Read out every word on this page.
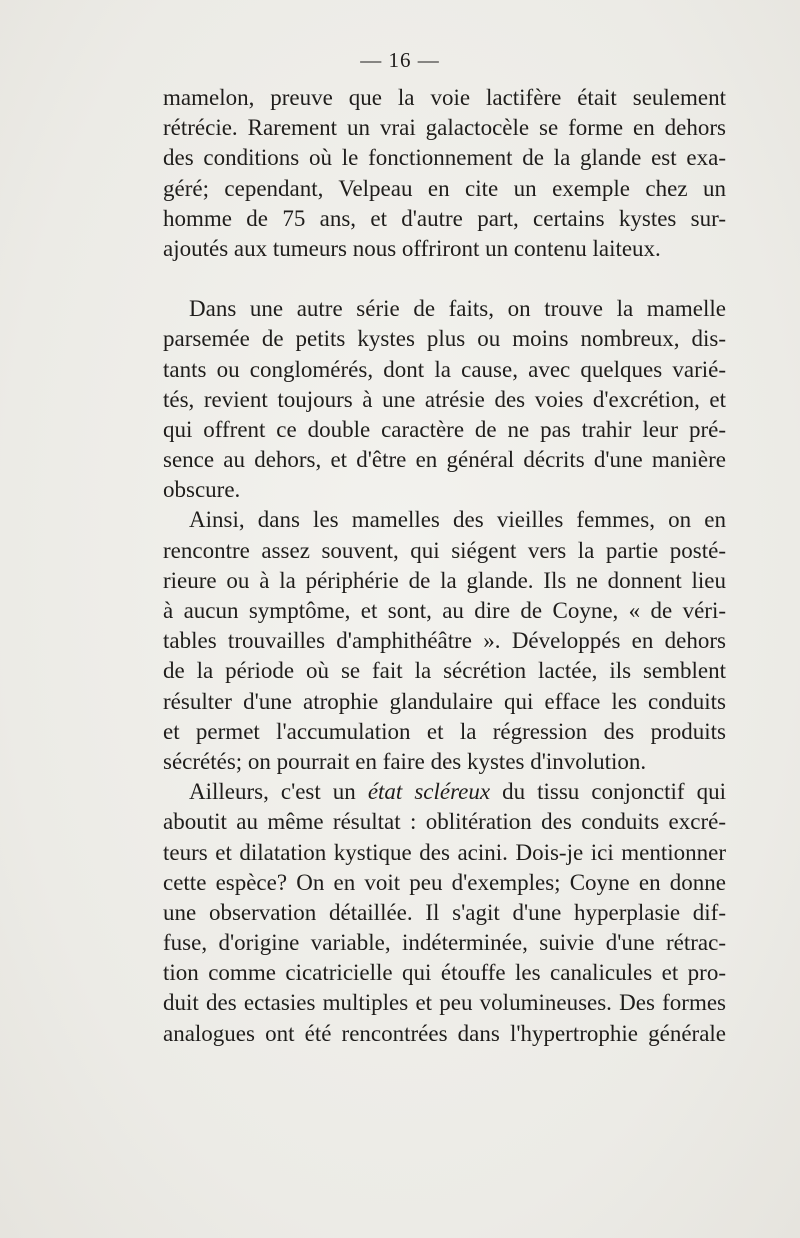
— 16 —
mamelon, preuve que la voie lactifère était seulement
rétrécie. Rarement un vrai galactocèle se forme en dehors
des conditions où le fonctionnement de la glande est exa-
géré; cependant, Velpeau en cite un exemple chez un
homme de 75 ans, et d'autre part, certains kystes sur-
ajoutés aux tumeurs nous offriront un contenu laiteux.
Dans une autre série de faits, on trouve la mamelle
parsemée de petits kystes plus ou moins nombreux, dis-
tants ou conglomérés, dont la cause, avec quelques varié-
tés, revient toujours à une atrésie des voies d'excrétion, et
qui offrent ce double caractère de ne pas trahir leur pré-
sence au dehors, et d'être en général décrits d'une manière
obscure.
Ainsi, dans les mamelles des vieilles femmes, on en
rencontre assez souvent, qui siégent vers la partie posté-
rieure ou à la périphérie de la glande. Ils ne donnent lieu
à aucun symptôme, et sont, au dire de Coyne, « de véri-
tables trouvailles d'amphithéâtre ». Développés en dehors
de la période où se fait la sécrétion lactée, ils semblent
résulter d'une atrophie glandulaire qui efface les conduits
et permet l'accumulation et la régression des produits
sécrétés; on pourrait en faire des kystes d'involution.
Ailleurs, c'est un état scléreux du tissu conjonctif qui
aboutit au même résultat : oblitération des conduits excré-
teurs et dilatation kystique des acini. Dois-je ici mentionner
cette espèce? On en voit peu d'exemples; Coyne en donne
une observation détaillée. Il s'agit d'une hyperplasie dif-
fuse, d'origine variable, indéterminée, suivie d'une rétrac-
tion comme cicatricielle qui étouffe les canalicules et pro-
duit des ectasies multiples et peu volumineuses. Des formes
analogues ont été rencontrées dans l'hypertrophie générale
